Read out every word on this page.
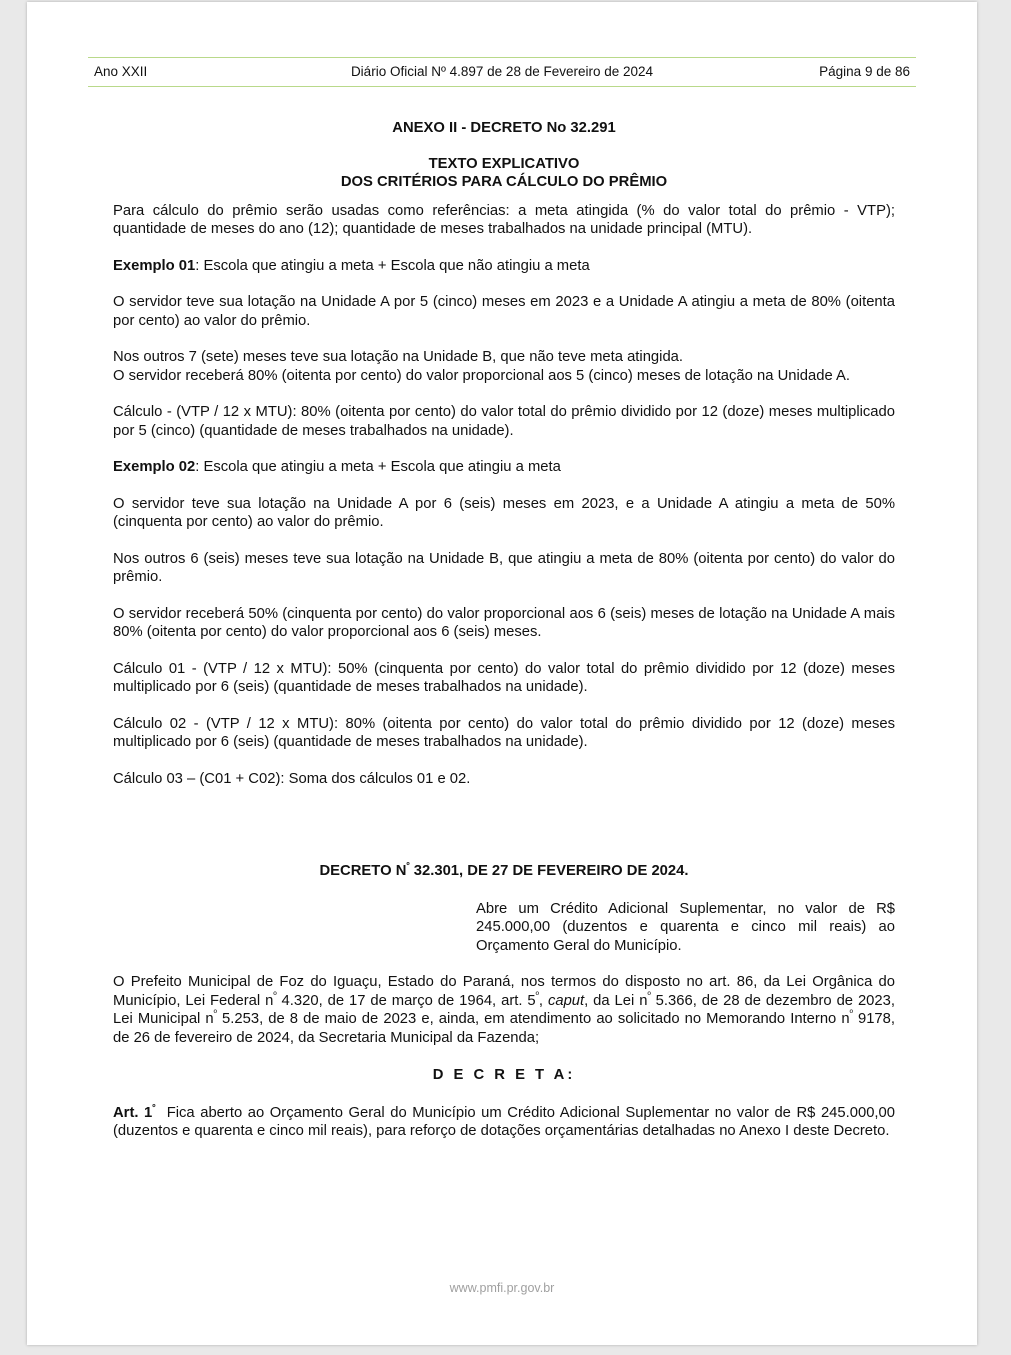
Diário Oficial Nº 4.897 de 28 de Fevereiro de 2024
Ano XXII	Página 9 de 86

ANEXO II - DECRETO No 32.291

TEXTO EXPLICATIVO

DOS CRITÉRIOS PARA CÁLCULO DO PRÊMIO

Para cálculo do prêmio serão usadas como referências: a meta atingida (% do valor total do prêmio - VTP);

quantidade de meses do ano (12); quantidade de meses trabalhados na unidade principal (MTU).

Exemplo 01: Escola que atingiu a meta + Escola que não atingiu a meta

O servidor teve sua lotação na Unidade A por 5 (cinco) meses em 2023 e a Unidade A atingiu a meta de 80% (oitenta por cento) ao valor do prêmio.

Nos outros 7 (sete) meses teve sua lotação na Unidade B, que não teve meta atingida.

O servidor receberá 80% (oitenta por cento) do valor proporcional aos 5 (cinco) meses de lotação na Unidade A.

Cálculo - (VTP / 12 x MTU): 80% (oitenta por cento) do valor total do prêmio dividido por 12 (doze) meses multiplicado por 5 (cinco) (quantidade de meses trabalhados na unidade).

Exemplo 02: Escola que atingiu a meta + Escola que atingiu a meta

O servidor teve sua lotação na Unidade A por 6 (seis) meses em 2023, e a Unidade A atingiu a meta de 50% (cinquenta por cento) ao valor do prêmio.

Nos outros 6 (seis) meses teve sua lotação na Unidade B, que atingiu a meta de 80% (oitenta por cento) do valor do prêmio.

O servidor receberá 50% (cinquenta por cento) do valor proporcional aos 6 (seis) meses de lotação na Unidade A mais 80% (oitenta por cento) do valor proporcional aos 6 (seis) meses.

Cálculo 01 - (VTP / 12 x MTU): 50% (cinquenta por cento) do valor total do prêmio dividido por 12 (doze) meses multiplicado por 6 (seis) (quantidade de meses trabalhados na unidade).

Cálculo 02 - (VTP / 12 x MTU): 80% (oitenta por cento) do valor total do prêmio dividido por 12 (doze) meses multiplicado por 6 (seis) (quantidade de meses trabalhados na unidade).

Cálculo 03 – (C01 + C02): Soma dos cálculos 01 e 02.

DECRETO $N^º$ 32.301, DE 27 DE FEVEREIRO DE 2024.

Abre um Crédito Adicional Suplementar, no valor de R$ 245.000,00 (duzentos e quarenta e cinco mil reais) ao Orçamento Geral do Município.

O Prefeito Municipal de Foz do Iguaçu, Estado do Paraná, nos termos do disposto no art. 86, da Lei Orgânica do Município, Lei Federal $n^º$ 4.320, de 17 de março de 1964, art. $5^º$, caput, da Lei $n^º$ 5.366, de 28 de dezembro de 2023, Lei Municipal $n^º$ 5.253, de 8 de maio de 2023 e, ainda, em atendimento ao solicitado no Memorando Interno $n^º$ 9178, de 26 de fevereiro de 2024, da Secretaria Municipal da Fazenda;

D E C R E T A:

Art. $1^º$  Fica aberto ao Orçamento Geral do Município um Crédito Adicional Suplementar no valor de R$ 245.000,00 (duzentos e quarenta e cinco mil reais), para reforço de dotações orçamentárias detalhadas no Anexo I deste Decreto.

www.pmfi.pr.gov.br
